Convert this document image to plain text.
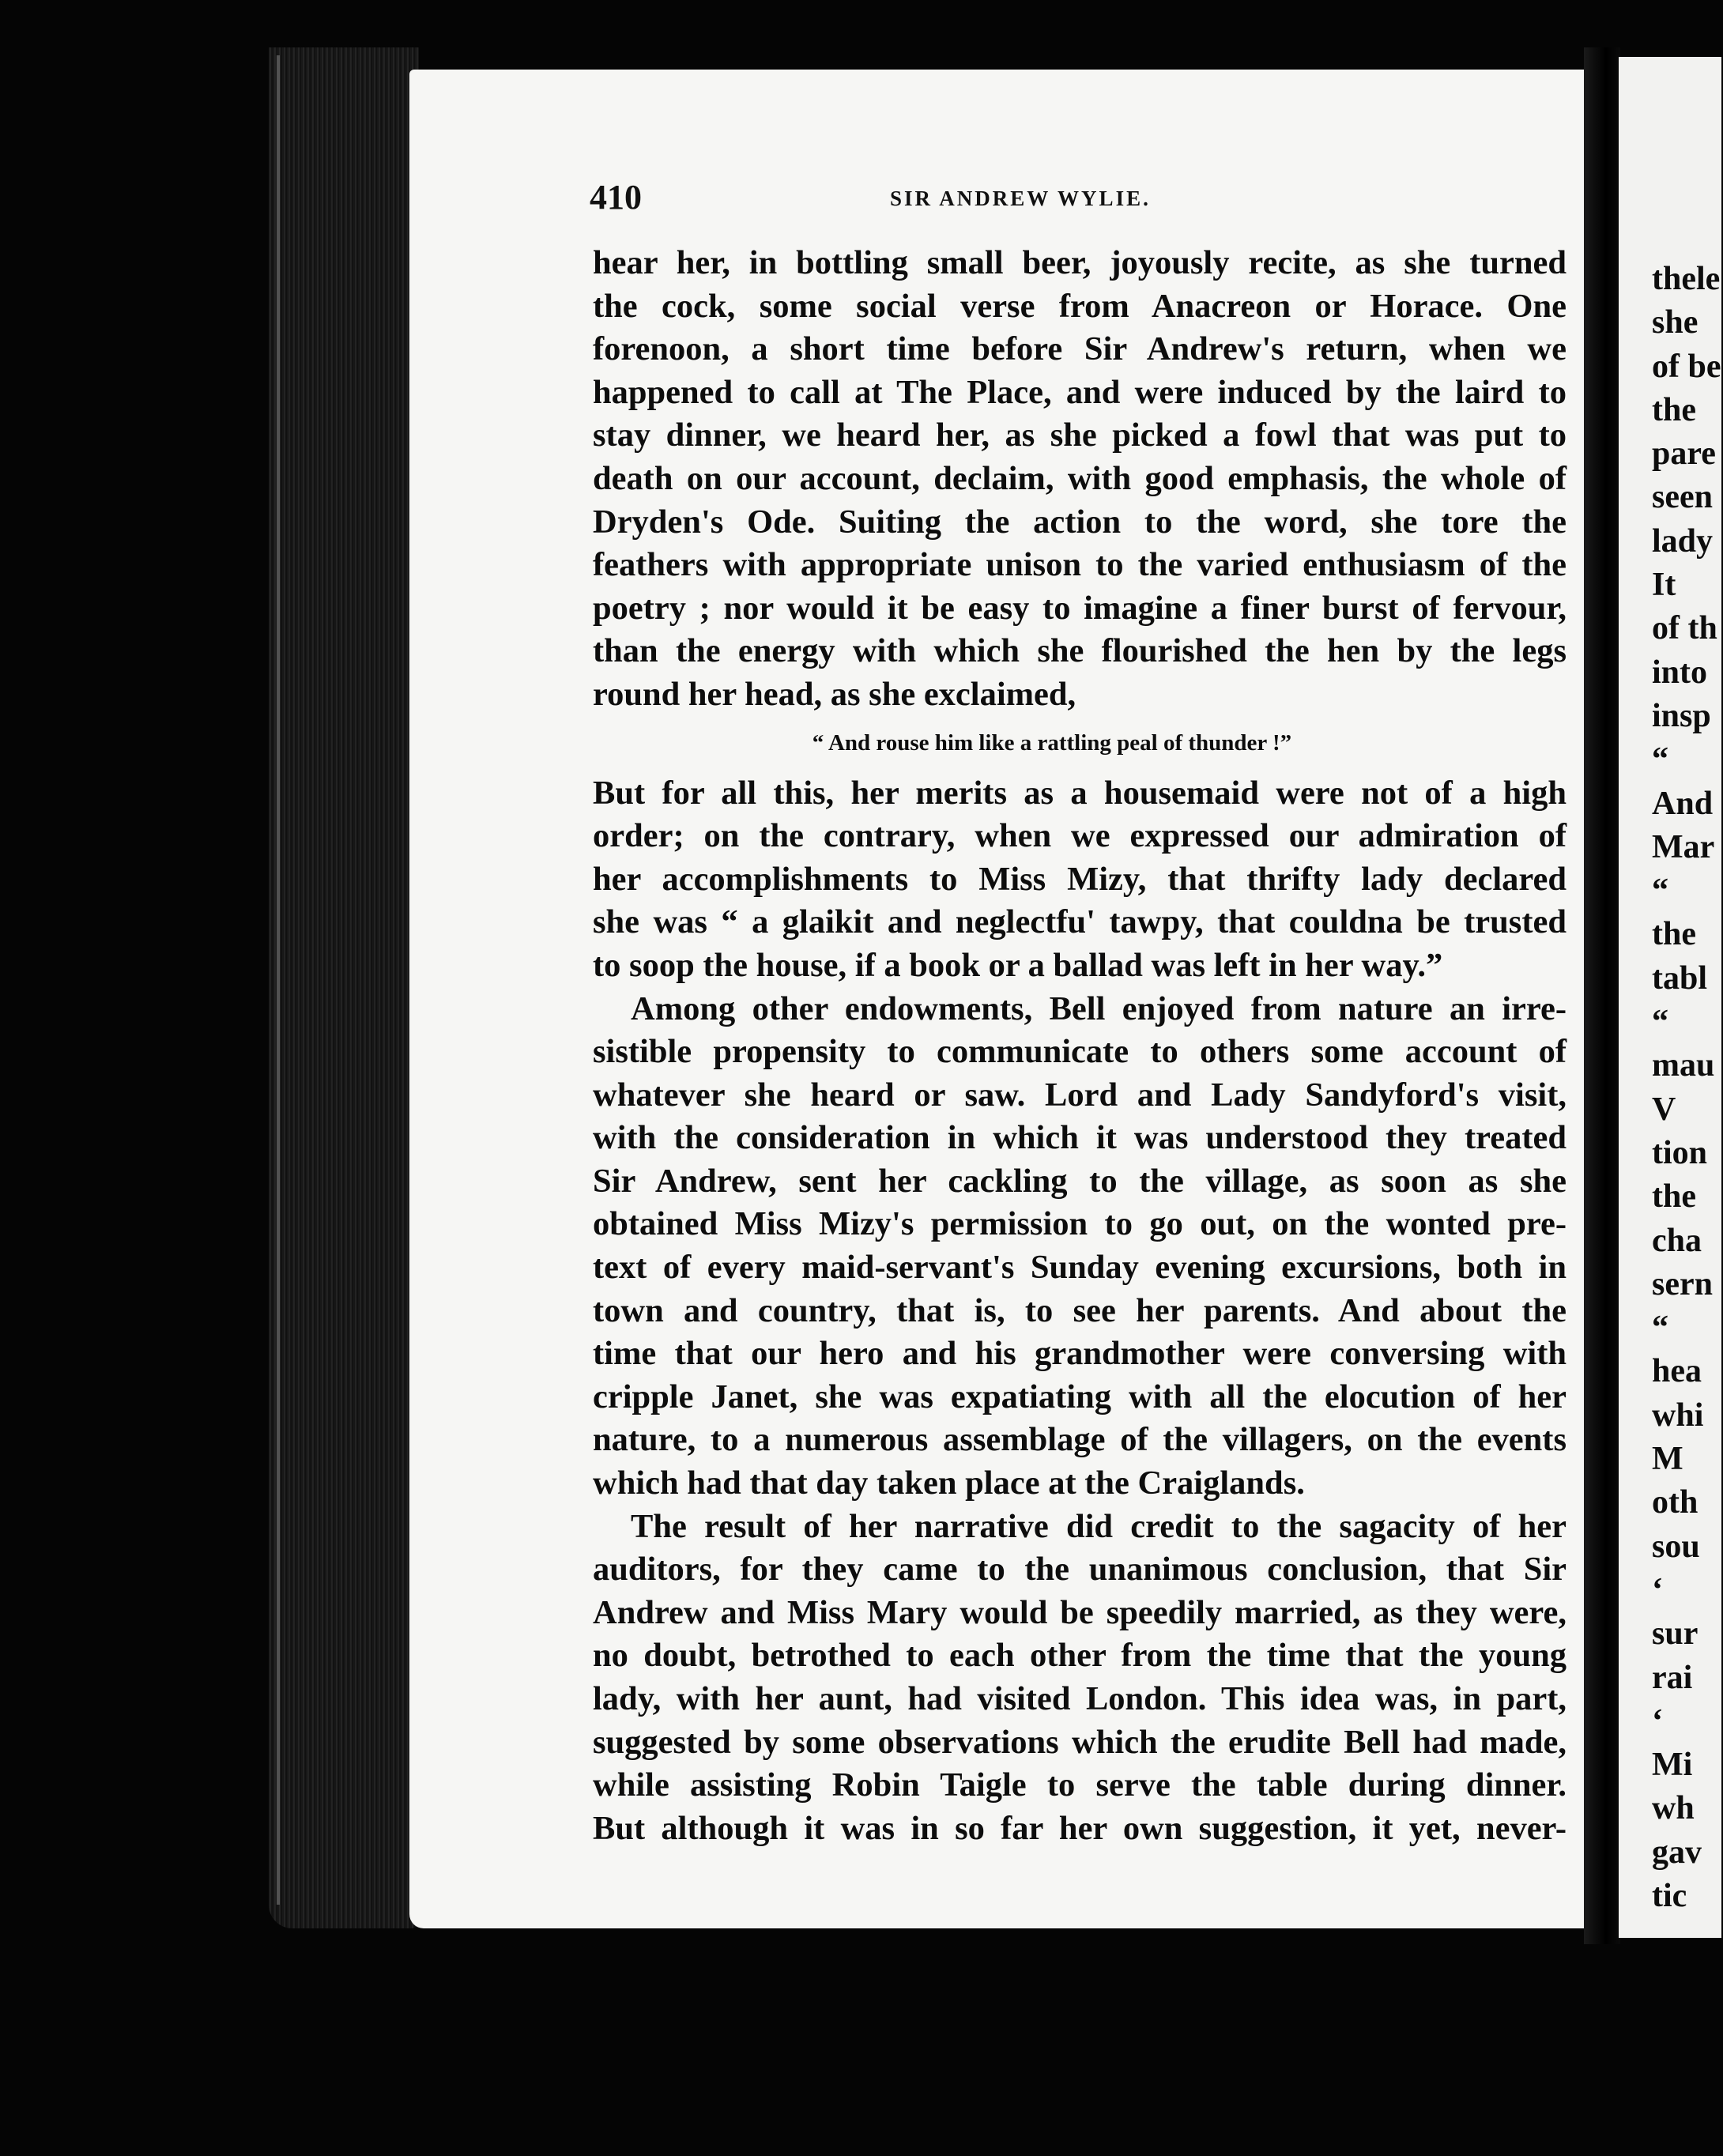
410	SIR ANDREW WYLIE.

hear her, in bottling small beer, joyously recite, as she turned
the cock, some social verse from Anacreon or Horace. One
forenoon, a short time before Sir Andrew's return, when we
happened to call at The Place, and were induced by the laird to
stay dinner, we heard her, as she picked a fowl that was put to
death on our account, declaim, with good emphasis, the whole of
Dryden's Ode. Suiting the action to the word, she tore the
feathers with appropriate unison to the varied enthusiasm of the
poetry ; nor would it be easy to imagine a finer burst of fervour,
than the energy with which she flourished the hen by the legs
round her head, as she exclaimed,

“ And rouse him like a rattling peal of thunder !”

But for all this, her merits as a housemaid were not of a high
order; on the contrary, when we expressed our admiration of
her accomplishments to Miss Mizy, that thrifty lady declared
she was “ a glaikit and neglectfu' tawpy, that couldna be trusted
to soop the house, if a book or a ballad was left in her way.”

Among other endowments, Bell enjoyed from nature an irre-
sistible propensity to communicate to others some account of
whatever she heard or saw. Lord and Lady Sandyford's visit,
with the consideration in which it was understood they treated
Sir Andrew, sent her cackling to the village, as soon as she
obtained Miss Mizy's permission to go out, on the wonted pre-
text of every maid-servant's Sunday evening excursions, both in
town and country, that is, to see her parents. And about the
time that our hero and his grandmother were conversing with
cripple Janet, she was expatiating with all the elocution of her
nature, to a numerous assemblage of the villagers, on the events
which had that day taken place at the Craiglands.

The result of her narrative did credit to the sagacity of her
auditors, for they came to the unanimous conclusion, that Sir
Andrew and Miss Mary would be speedily married, as they were,
no doubt, betrothed to each other from the time that the young
lady, with her aunt, had visited London. This idea was, in part,
suggested by some observations which the erudite Bell had made,
while assisting Robin Taigle to serve the table during dinner.
But although it was in so far her own suggestion, it yet, never-

thele
she
of be
the
pare
seen
lady
It
of th
into
insp
“
And
Mar
“
the
tabl
“
mau
V
tion
the
cha
sern
“
hea
whi
M
oth
sou
‘
sur
rai
‘
Mi
wh
gav
tic
